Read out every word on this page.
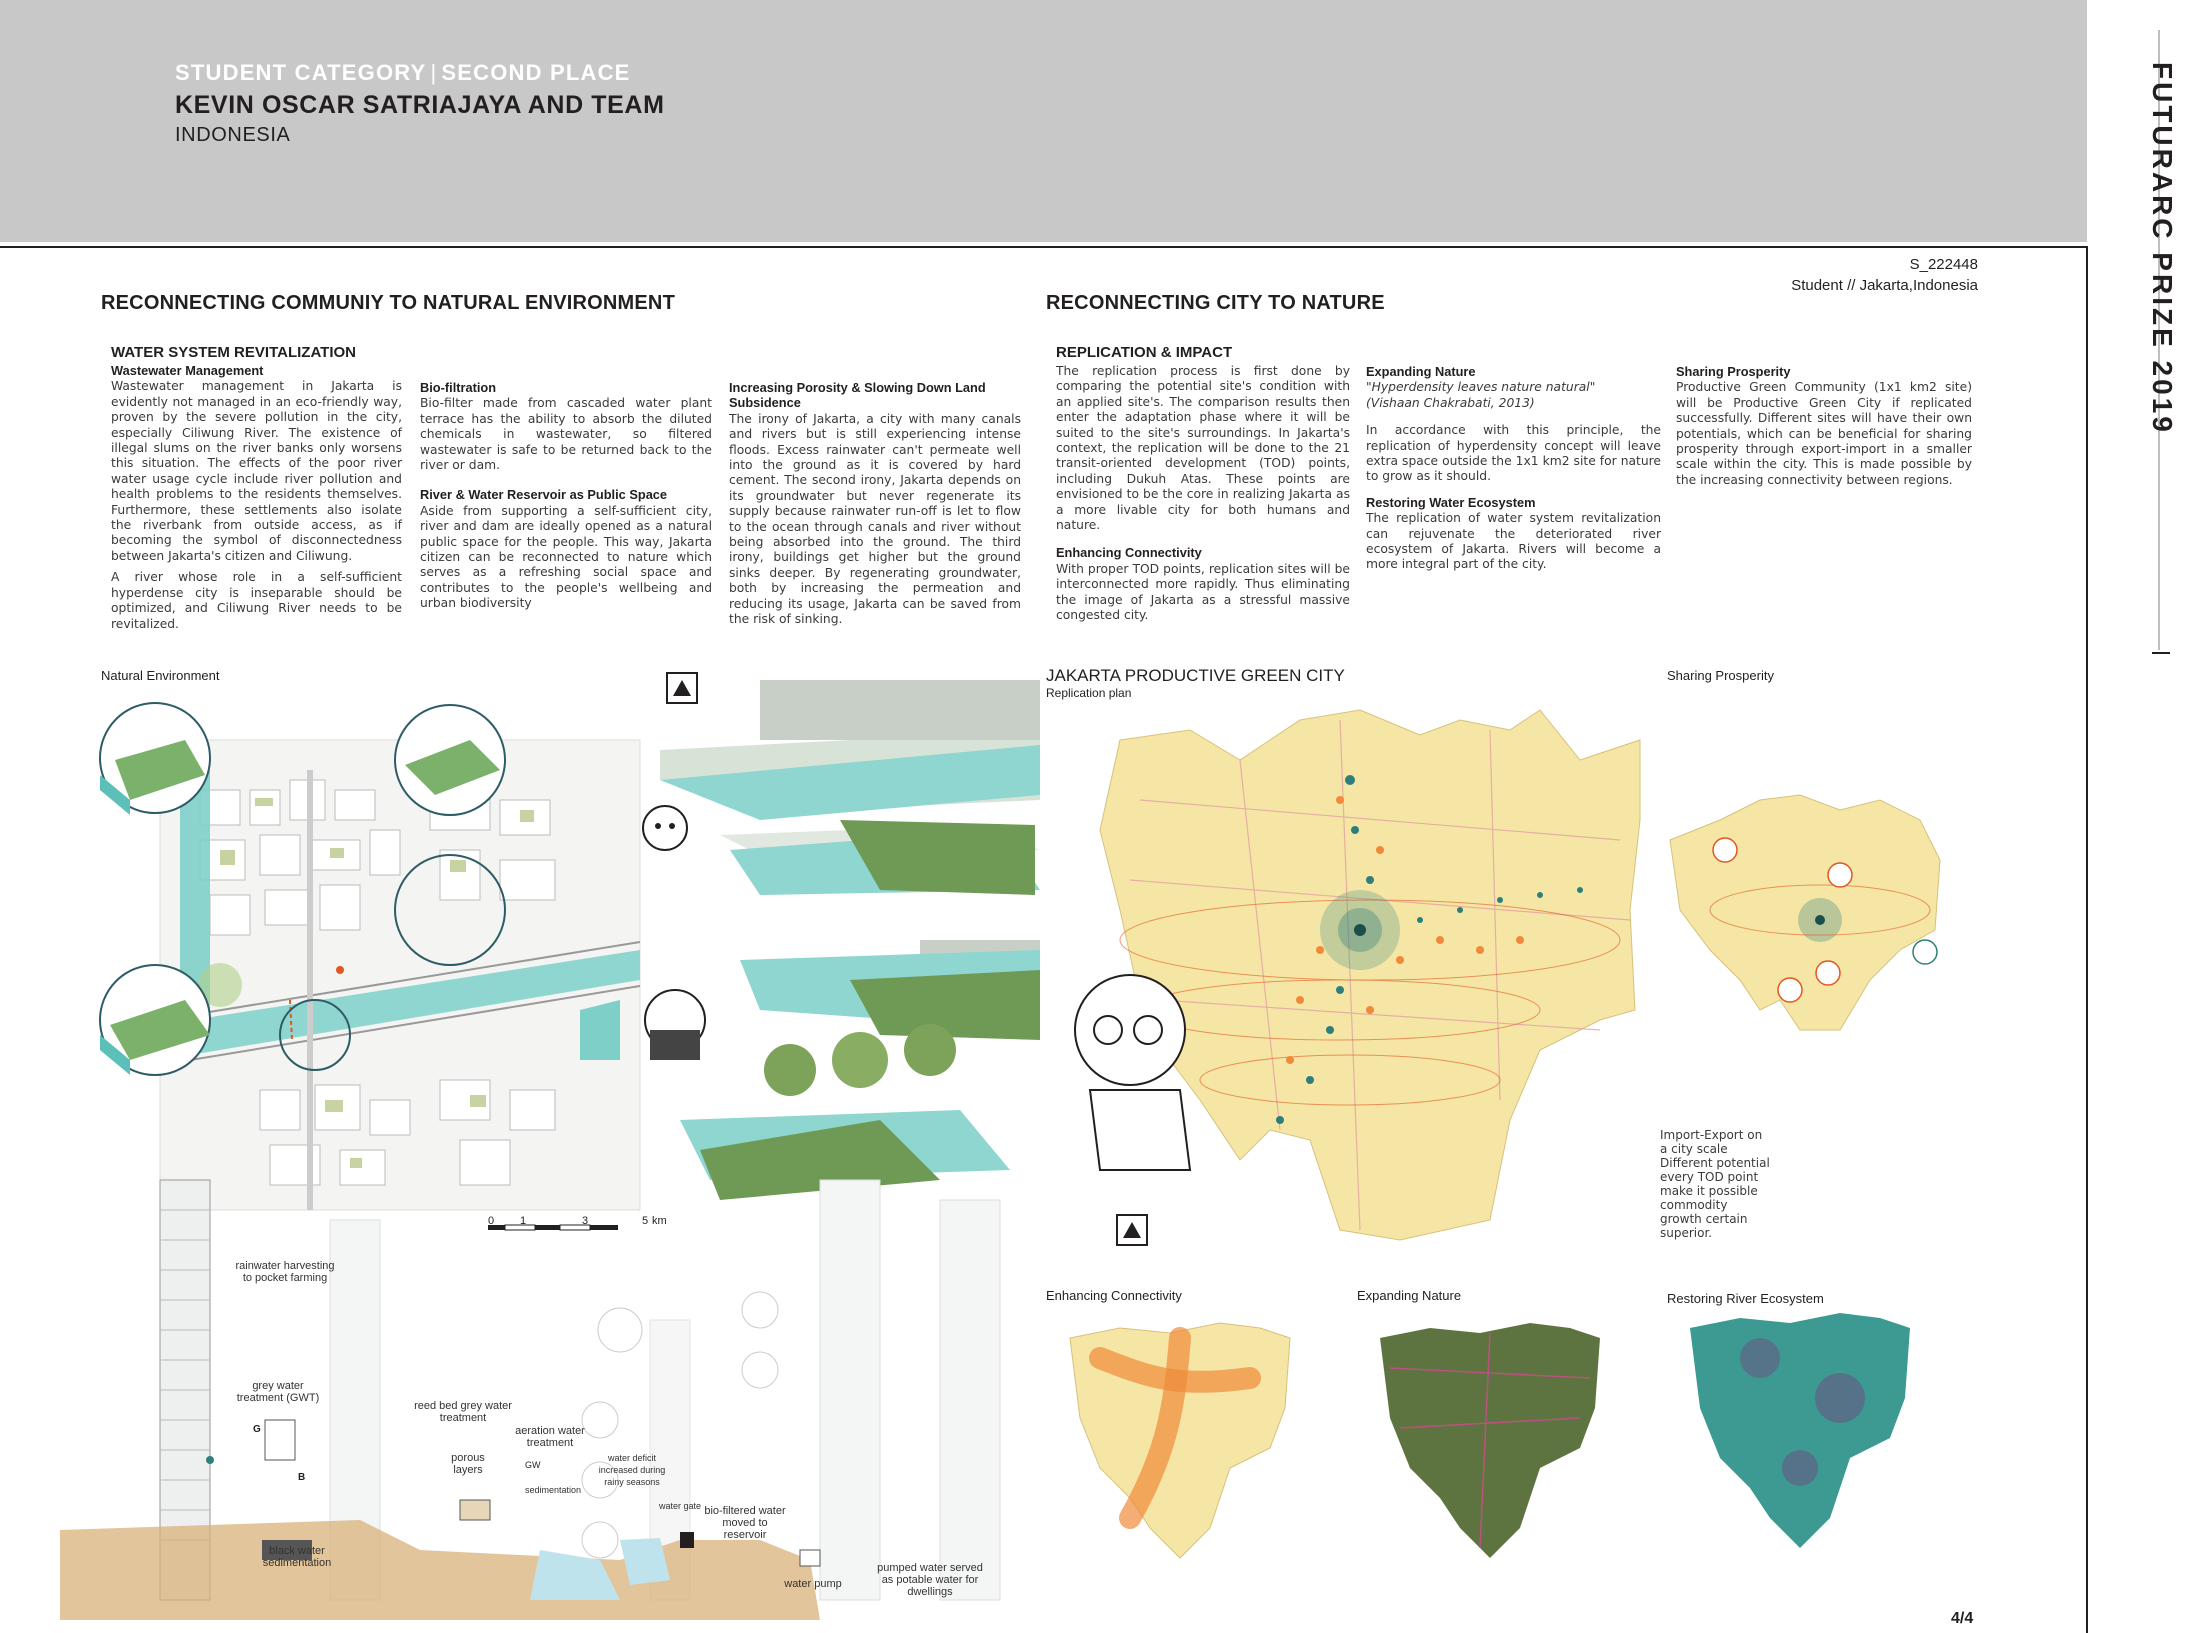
STUDENT CATEGORY | SECOND PLACE
KEVIN OSCAR SATRIAJAYA AND TEAM
INDONESIA	FUTURARC PRIZE 2019
S_222448
Student // Jakarta,Indonesia
RECONNECTING COMMUNIY TO NATURAL ENVIRONMENT
WATER SYSTEM REVITALIZATION
Wastewater Management

Wastewater management in Jakarta is evidently not managed in an eco-friendly way, proven by the severe pollution in the city, especially Ciliwung River. The existence of illegal slums on the river banks only worsens this situation. The effects of the poor river water usage cycle include river pollution and health problems to the residents themselves. Furthermore, these settlements also isolate the riverbank from outside access, as if becoming the symbol of disconnectedness between Jakarta's citizen and Ciliwung.

A river whose role in a self-sufficient hyperdense city is inseparable should be optimized, and Ciliwung River needs to be revitalized.

Bio-filtration

Bio-filter made from cascaded water plant terrace has the ability to absorb the diluted chemicals in wastewater, so filtered wastewater is safe to be returned back to the river or dam.

River & Water Reservoir as Public Space

Aside from supporting a self-sufficient city, river and dam are ideally opened as a natural public space for the people. This way, Jakarta citizen can be reconnected to nature which serves as a refreshing social space and contributes to the people's wellbeing and urban biodiversity

Increasing Porosity & Slowing Down Land Subsidence

The irony of Jakarta, a city with many canals and rivers but is still experiencing intense floods. Excess rainwater can't permeate well into the ground as it is covered by hard cement. The second irony, Jakarta depends on its groundwater but never regenerate its supply because rainwater run-off is let to flow to the ocean through canals and river without being absorbed into the ground. The third irony, buildings get higher but the ground sinks deeper. By regenerating groundwater, both by increasing the permeation and reducing its usage, Jakarta can be saved from the risk of sinking.

RECONNECTING CITY TO NATURE
REPLICATION & IMPACT

The replication process is first done by comparing the potential site's condition with an applied site's. The comparison results then enter the adaptation phase where it will be suited to the site's surroundings. In Jakarta's context, the replication will be done to the 21 transit-oriented development (TOD) points, including Dukuh Atas. These points are envisioned to be the core in realizing Jakarta as a more livable city for both humans and nature.

Enhancing Connectivity

With proper TOD points, replication sites will be interconnected more rapidly. Thus eliminating the image of Jakarta as a stressful massive congested city.

Expanding Nature

"Hyperdensity leaves nature natural"

(Vishaan Chakrabati, 2013)

In accordance with this principle, the replication of hyperdensity concept will leave extra space outside the 1x1 km2 site for nature to grow as it should.

Restoring Water Ecosystem

The replication of water system revitalization can rejuvenate the deteriorated river ecosystem of Jakarta. Rivers will become a more integral part of the city.

Sharing Prosperity

Productive Green Community (1x1 km2 site) will be Productive Green City if replicated successfully. Different sites will have their own potentials, which can be beneficial for sharing prosperity through export-import in a smaller scale within the city. This is made possible by the increasing connectivity between regions.

Natural Environment
0 1	3	5 km
rainwater harvesting to pocket farming
grey water treatment (GWT)
reed bed grey water treatment
porous layers
aeration water treatment
sedimentation
water deficit increased during rainy seasons
water gate bio-filtered water moved to reservoir
black water sedimentation
water pump
pumped water served as potable water for dwellings
G
B
GW
JAKARTA PRODUCTIVE GREEN CITY
Replication plan
Sharing Prosperity
Import-Export on a city scale Different potential every TOD point make it possible commodity growth certain superior.
Enhancing Connectivity	Expanding Nature	Restoring River Ecosystem
4/4
